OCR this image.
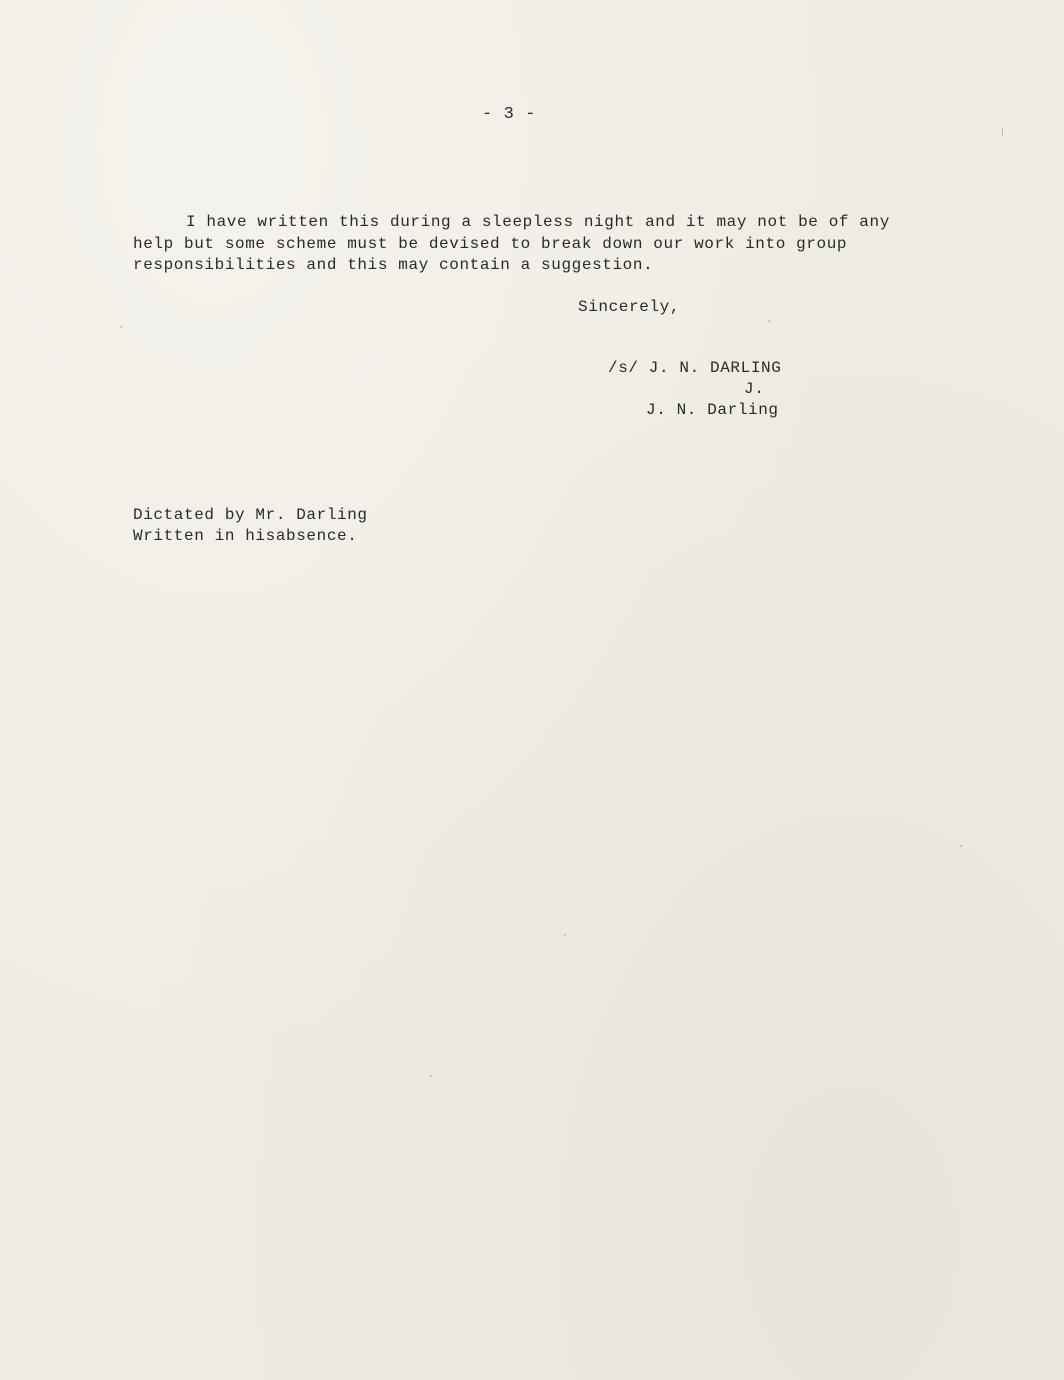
- 3 -
I have written this during a sleepless night and it may not be of any
help but some scheme must be devised to break down our work into group
responsibilities and this may contain a suggestion.
Sincerely,
/s/ J. N. DARLING
J.
J. N. Darling
Dictated by Mr. Darling
Written in hisabsence.
